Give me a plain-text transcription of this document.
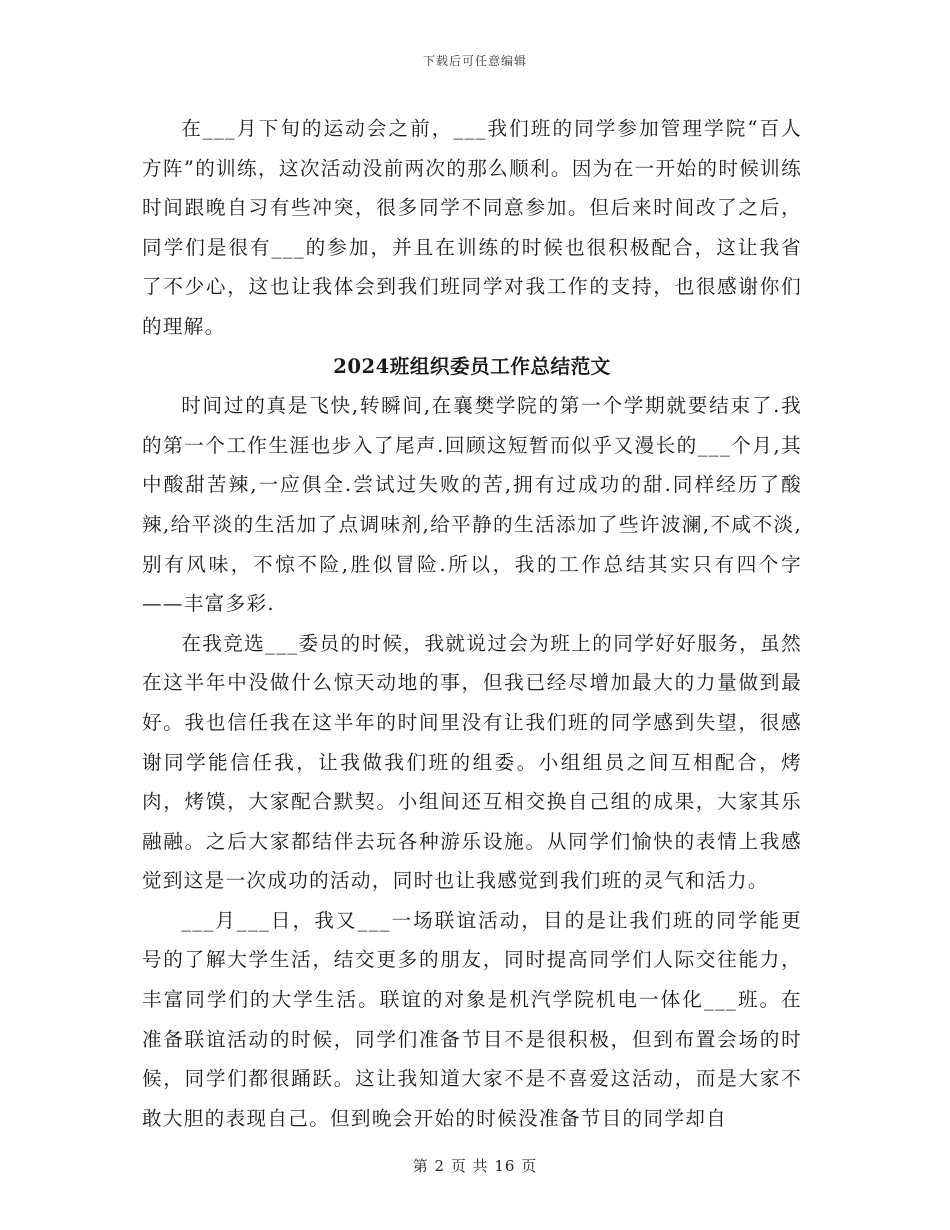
下载后可任意编辑

在___月下旬的运动会之前，___我们班的同学参加管理学院“百人方阵”的训练，这次活动没前两次的那么顺利。因为在一开始的时候训练时间跟晚自习有些冲突，很多同学不同意参加。但后来时间改了之后，同学们是很有___的参加，并且在训练的时候也很积极配合，这让我省了不少心，这也让我体会到我们班同学对我工作的支持，也很感谢你们的理解。

2024班组织委员工作总结范文

时间过的真是飞快,转瞬间,在襄樊学院的第一个学期就要结束了.我的第一个工作生涯也步入了尾声.回顾这短暂而似乎又漫长的___个月,其中酸甜苦辣,一应俱全.尝试过失败的苦,拥有过成功的甜.同样经历了酸辣,给平淡的生活加了点调味剂,给平静的生活添加了些许波澜,不咸不淡,别有风味，不惊不险,胜似冒险.所以，我的工作总结其实只有四个字——丰富多彩.

在我竞选___委员的时候，我就说过会为班上的同学好好服务，虽然在这半年中没做什么惊天动地的事，但我已经尽增加最大的力量做到最好。我也信任我在这半年的时间里没有让我们班的同学感到失望，很感谢同学能信任我，让我做我们班的组委。小组组员之间互相配合，烤肉，烤馍，大家配合默契。小组间还互相交换自己组的成果，大家其乐融融。之后大家都结伴去玩各种游乐设施。从同学们愉快的表情上我感觉到这是一次成功的活动，同时也让我感觉到我们班的灵气和活力。

___月___日，我又___一场联谊活动，目的是让我们班的同学能更号的了解大学生活，结交更多的朋友，同时提高同学们人际交往能力，丰富同学们的大学生活。联谊的对象是机汽学院机电一体化___班。在准备联谊活动的时候，同学们准备节目不是很积极，但到布置会场的时候，同学们都很踊跃。这让我知道大家不是不喜爱这活动，而是大家不敢大胆的表现自己。但到晚会开始的时候没准备节目的同学却自

第 2 页 共 16 页
